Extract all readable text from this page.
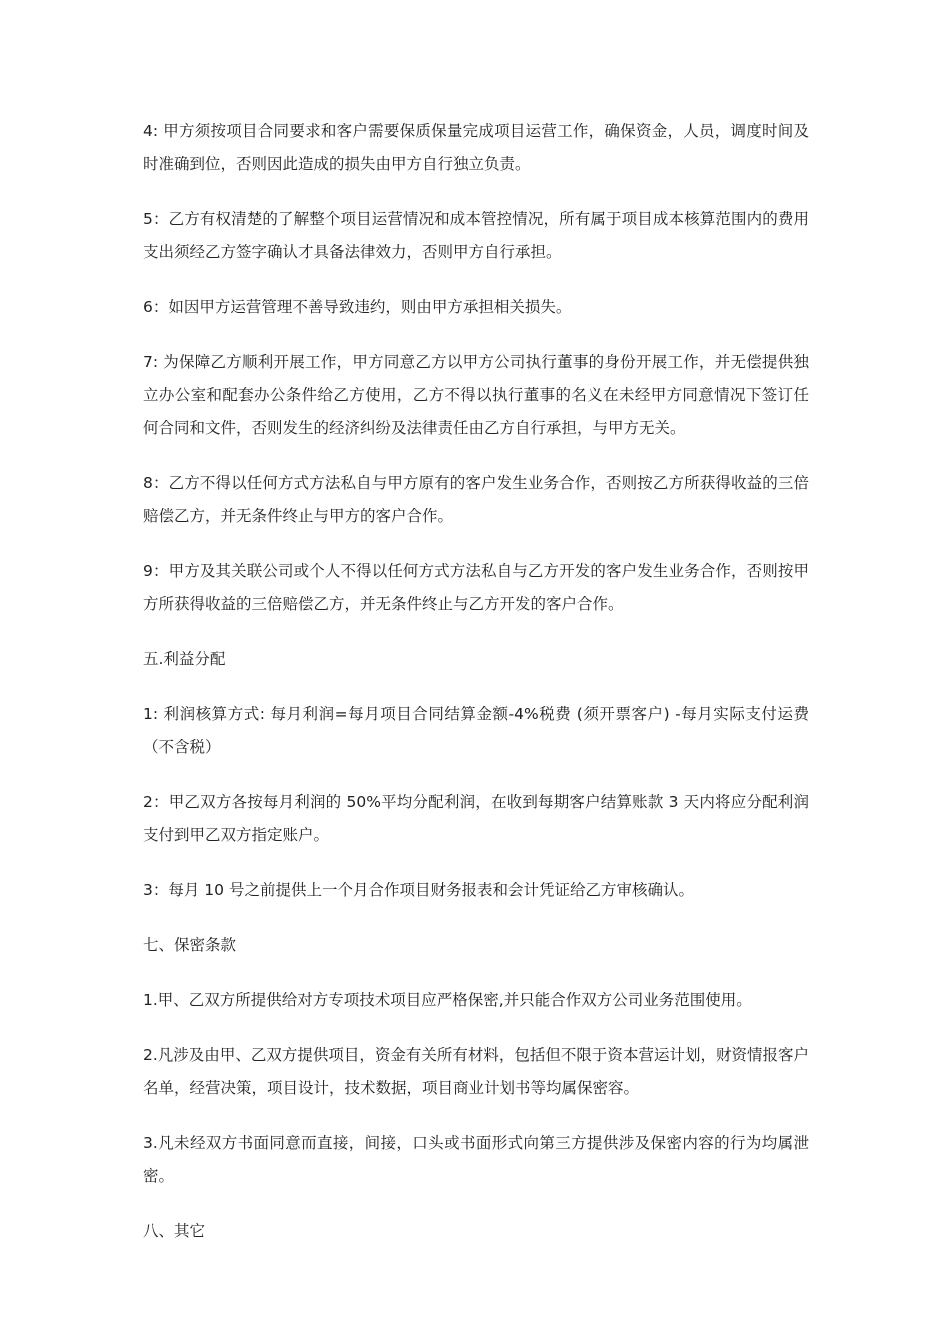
4: 甲方须按项目合同要求和客户需要保质保量完成项目运营工作，确保资金，人员，调度时间及时准确到位，否则因此造成的损失由甲方自行独立负责。

5：乙方有权清楚的了解整个项目运营情况和成本管控情况，所有属于项目成本核算范围内的费用支出须经乙方签字确认才具备法律效力，否则甲方自行承担。

6：如因甲方运营管理不善导致违约，则由甲方承担相关损失。

7: 为保障乙方顺利开展工作，甲方同意乙方以甲方公司执行董事的身份开展工作，并无偿提供独立办公室和配套办公条件给乙方使用，乙方不得以执行董事的名义在未经甲方同意情况下签订任何合同和文件，否则发生的经济纠纷及法律责任由乙方自行承担，与甲方无关。

8：乙方不得以任何方式方法私自与甲方原有的客户发生业务合作，否则按乙方所获得收益的三倍赔偿乙方，并无条件终止与甲方的客户合作。

9：甲方及其关联公司或个人不得以任何方式方法私自与乙方开发的客户发生业务合作，否则按甲方所获得收益的三倍赔偿乙方，并无条件终止与乙方开发的客户合作。

五.利益分配

1: 利润核算方式: 每月利润=每月项目合同结算金额-4%税费 (须开票客户) -每月实际支付运费（不含税）

2：甲乙双方各按每月利润的 50%平均分配利润，在收到每期客户结算账款 3 天内将应分配利润支付到甲乙双方指定账户。

3：每月 10 号之前提供上一个月合作项目财务报表和会计凭证给乙方审核确认。

七、保密条款

1.甲、乙双方所提供给对方专项技术项目应严格保密,并只能合作双方公司业务范围使用。

2.凡涉及由甲、乙双方提供项目，资金有关所有材料，包括但不限于资本营运计划，财资情报客户名单，经营决策，项目设计，技术数据，项目商业计划书等均属保密容。

3.凡未经双方书面同意而直接，间接，口头或书面形式向第三方提供涉及保密内容的行为均属泄密。

八、其它
